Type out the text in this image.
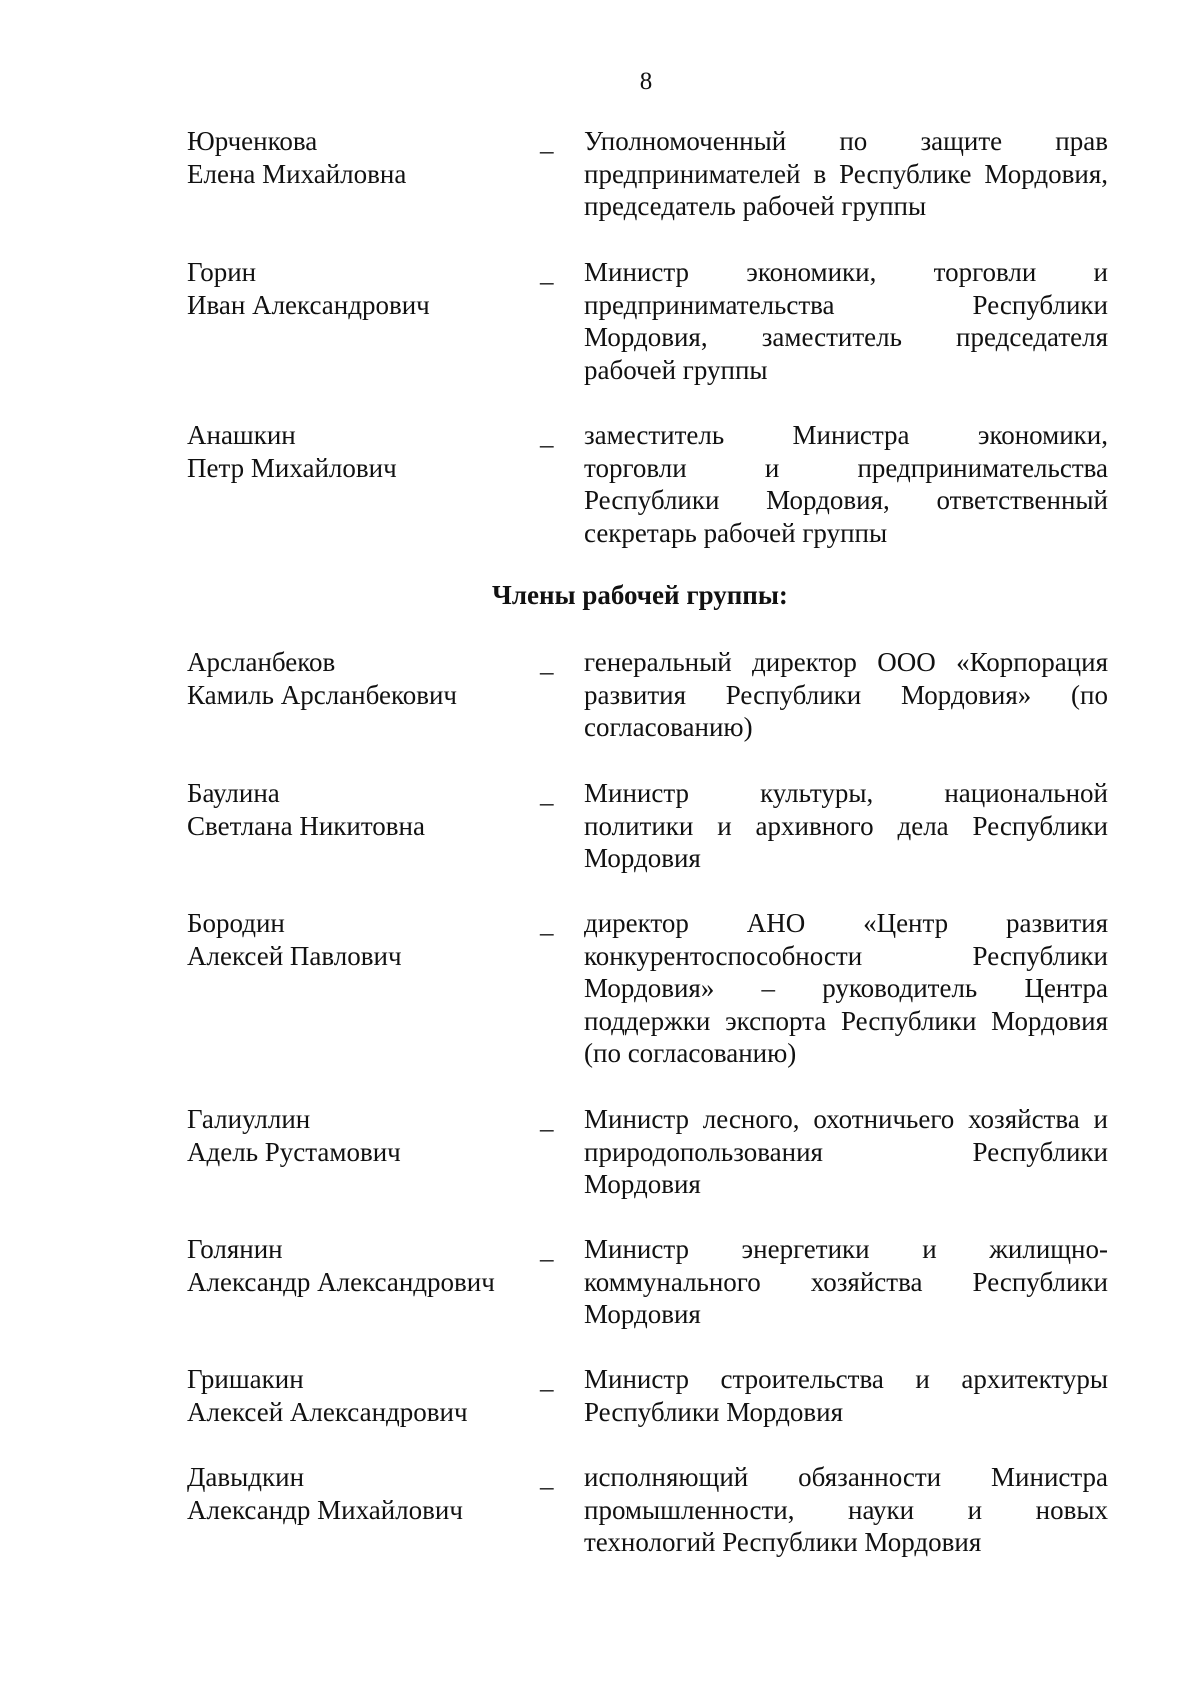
8
Юрченкова
Елена Михайловна
_ Уполномоченный по защите прав
предпринимателей в Республике Мордовия,
председатель рабочей группы
Горин
Иван Александрович
_ Министр экономики, торговли и
предпринимательства Республики
Мордовия, заместитель председателя
рабочей группы
Анашкин
Петр Михайлович
_ заместитель Министра экономики,
торговли и предпринимательства
Республики Мордовия, ответственный
секретарь рабочей группы
Члены рабочей группы:
Арсланбеков
Камиль Арсланбекович
_ генеральный директор ООО «Корпорация
развития Республики Мордовия» (по
согласованию)
Баулина
Светлана Никитовна
_ Министр культуры, национальной
политики и архивного дела Республики
Мордовия
Бородин
Алексей Павлович
_ директор АНО «Центр развития
конкурентоспособности Республики
Мордовия» – руководитель Центра
поддержки экспорта Республики Мордовия
(по согласованию)
Галиуллин
Адель Рустамович
_ Министр лесного, охотничьего хозяйства и
природопользования Республики
Мордовия
Голянин
Александр Александрович
_ Министр энергетики и жилищно-
коммунального хозяйства Республики
Мордовия
Гришакин
Алексей Александрович
_ Министр строительства и архитектуры
Республики Мордовия
Давыдкин
Александр Михайлович
_ исполняющий обязанности Министра
промышленности, науки и новых
технологий Республики Мордовия
